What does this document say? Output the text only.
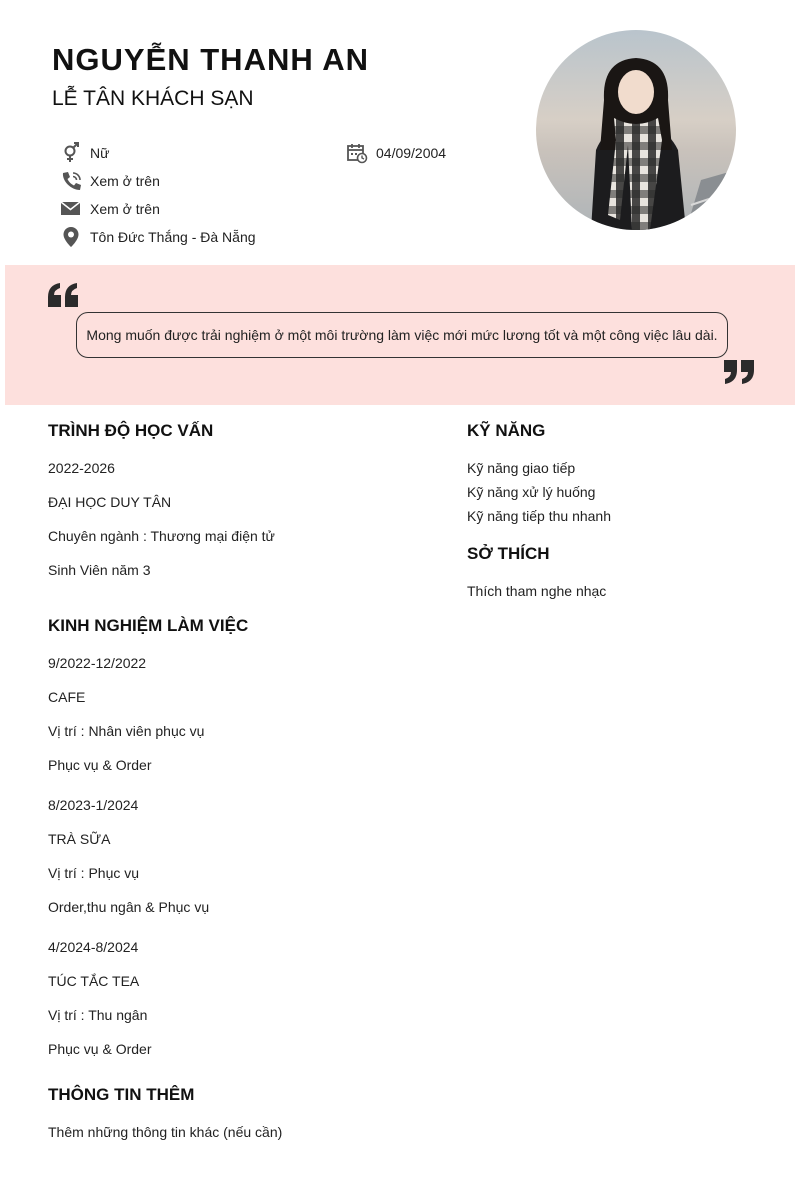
NGUYỄN THANH AN
LỄ TÂN KHÁCH SẠN
Nữ	04/09/2004
Xem ở trên
Xem ở trên
Tôn Đức Thắng - Đà Nẵng
Mong muốn được trải nghiệm ở một môi trường làm việc mới mức lương tốt và một công việc lâu dài.
TRÌNH ĐỘ HỌC VẤN
2022-2026
ĐẠI HỌC DUY TÂN
Chuyên ngành : Thương mại điện tử
Sinh Viên năm 3
KỸ NĂNG
Kỹ năng giao tiếp
Kỹ năng xử lý huống
Kỹ năng tiếp thu nhanh
SỞ THÍCH
Thích tham nghe nhạc
KINH NGHIỆM LÀM VIỆC
9/2022-12/2022
CAFE
Vị trí : Nhân viên phục vụ
Phục vụ & Order
8/2023-1/2024
TRÀ SỮA
Vị trí : Phục vụ
Order,thu ngân & Phục vụ
4/2024-8/2024
TÚC TẮC TEA
Vị trí : Thu ngân
Phục vụ & Order
THÔNG TIN THÊM
Thêm những thông tin khác (nếu cần)
